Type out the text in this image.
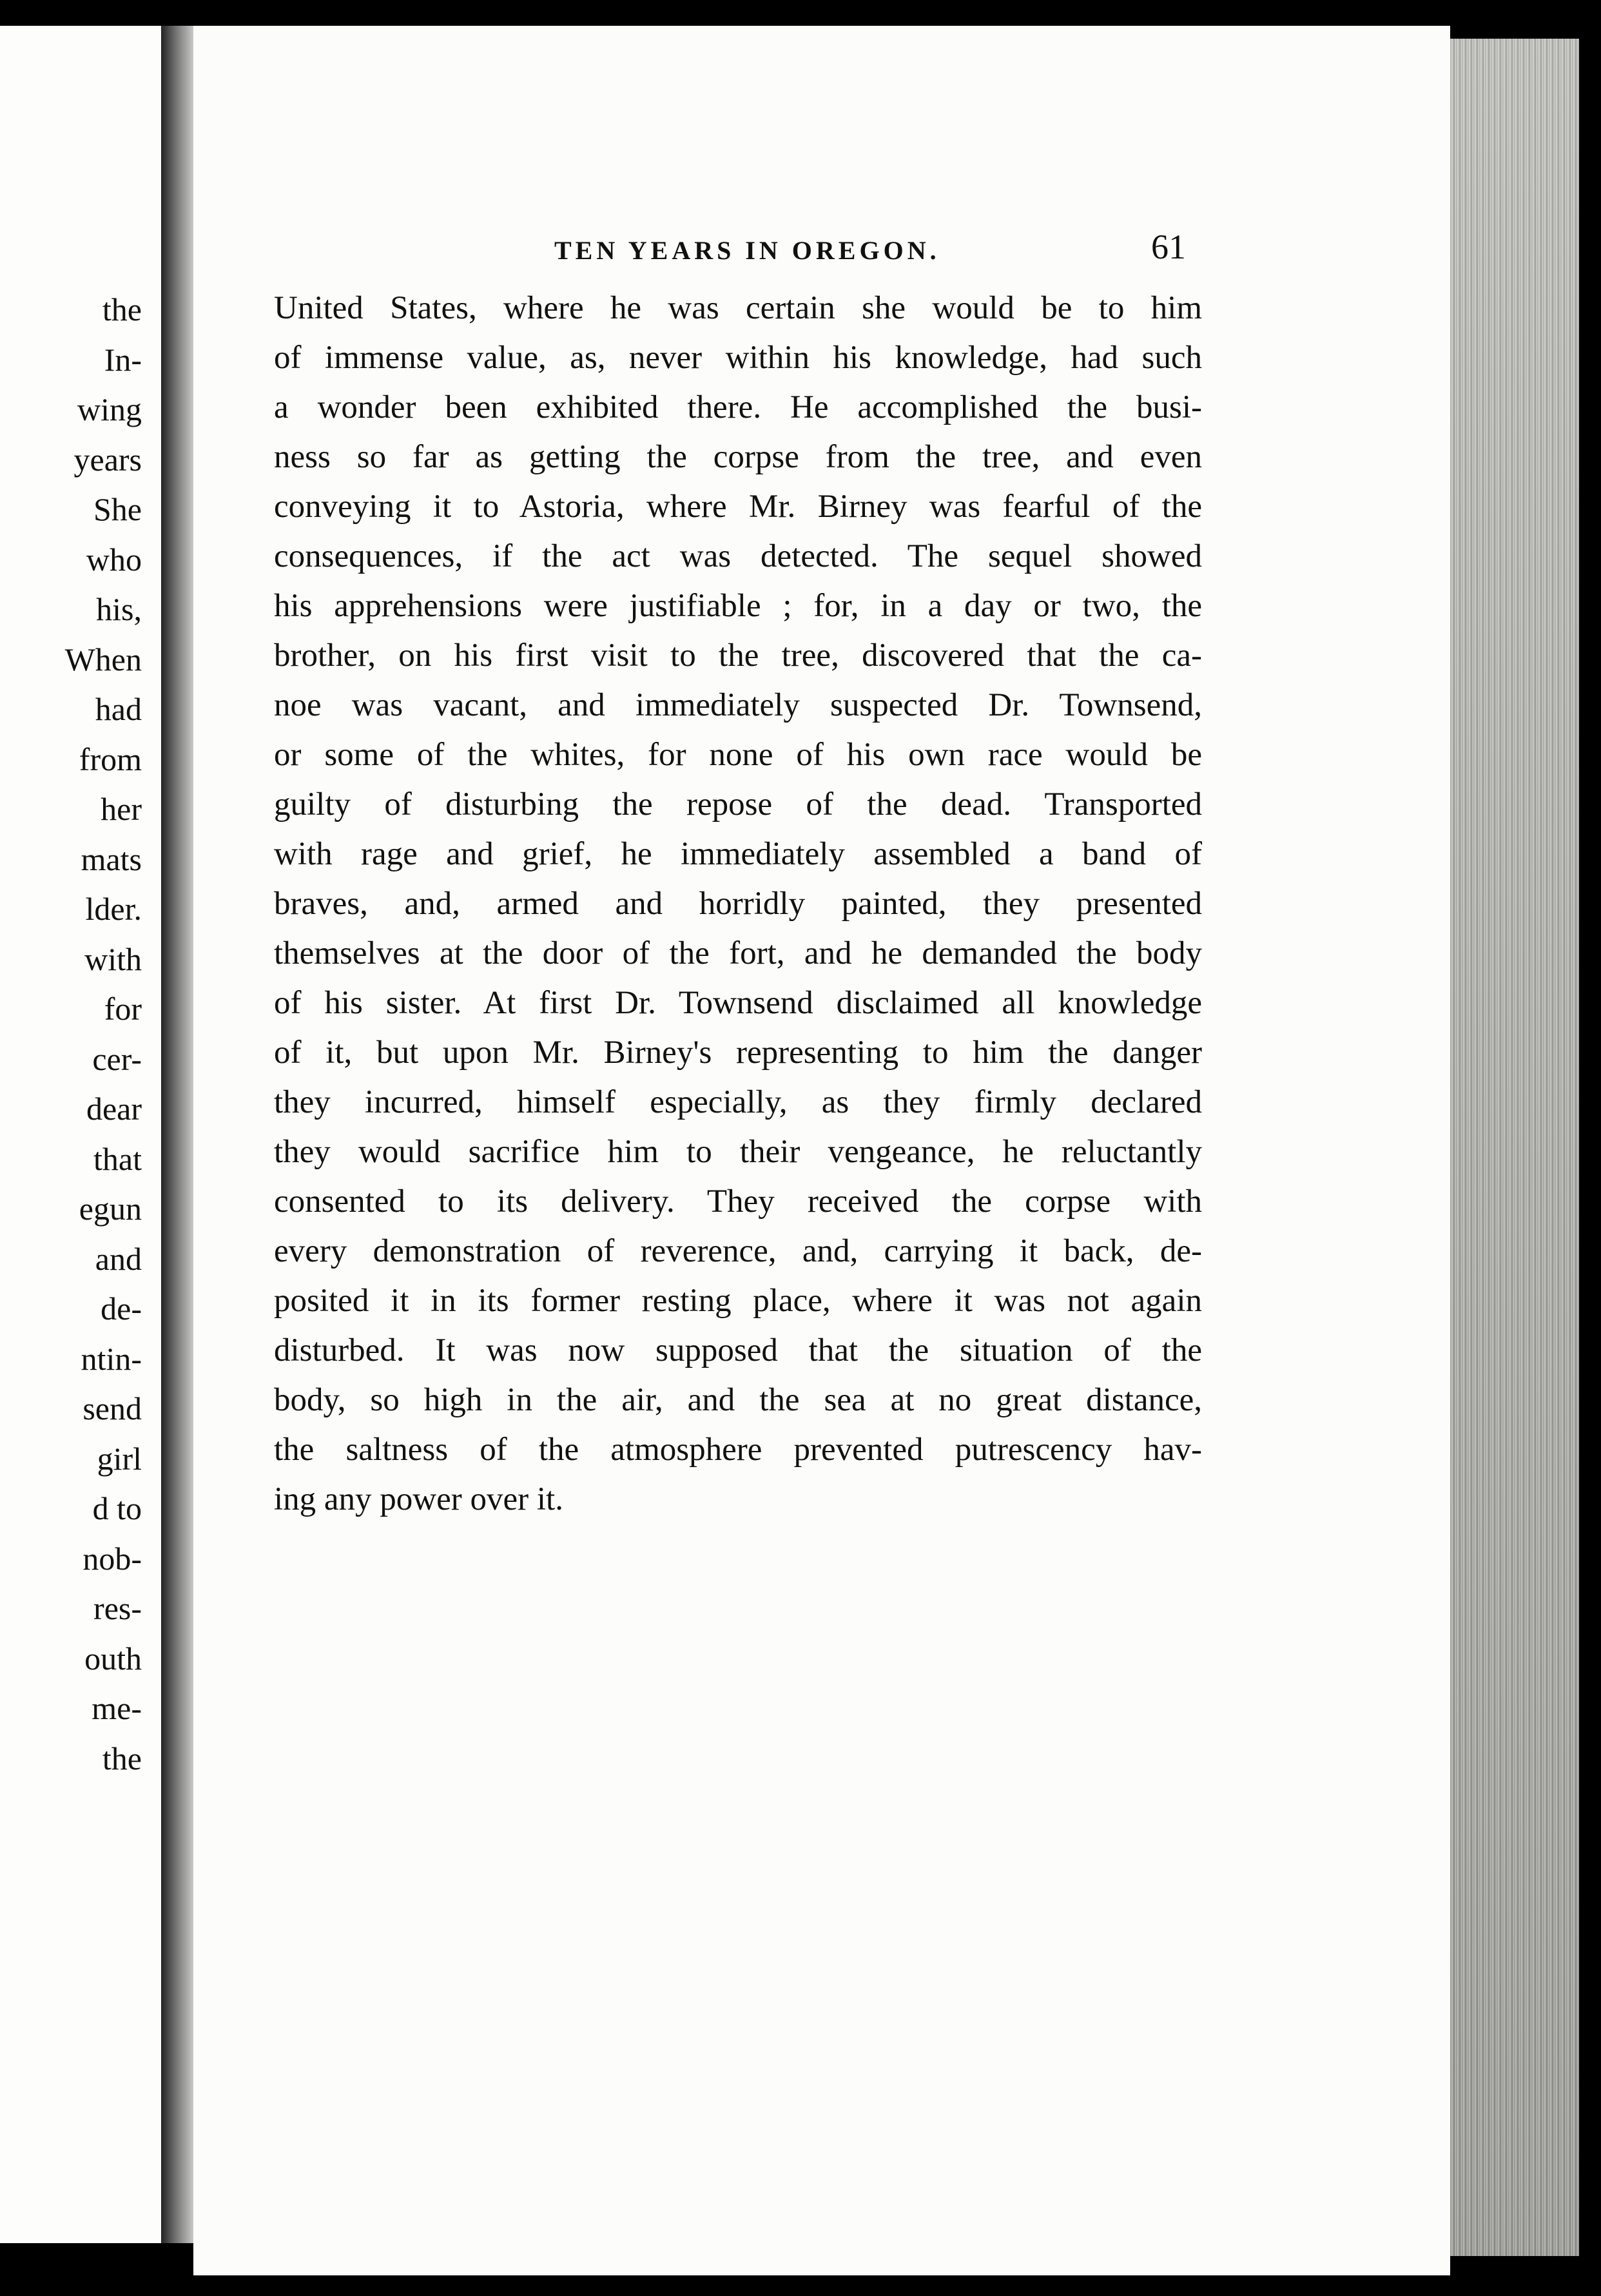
the
In-
wing
years
She
who
his,
When
had
from
her
mats
lder.
with
for
cer-
dear
that
egun
and
de-
ntin-
send
girl
d to
nob-
res-
outh
me-
the
TEN YEARS IN OREGON.	61
United States, where he was certain she would be to him
of immense value, as, never within his knowledge, had such
a wonder been exhibited there. He accomplished the busi-
ness so far as getting the corpse from the tree, and even
conveying it to Astoria, where Mr. Birney was fearful of the
consequences, if the act was detected. The sequel showed
his apprehensions were justifiable ; for, in a day or two, the
brother, on his first visit to the tree, discovered that the ca-
noe was vacant, and immediately suspected Dr. Townsend,
or some of the whites, for none of his own race would be
guilty of disturbing the repose of the dead. Transported
with rage and grief, he immediately assembled a band of
braves, and, armed and horridly painted, they presented
themselves at the door of the fort, and he demanded the body
of his sister. At first Dr. Townsend disclaimed all knowledge
of it, but upon Mr. Birney's representing to him the danger
they incurred, himself especially, as they firmly declared
they would sacrifice him to their vengeance, he reluctantly
consented to its delivery. They received the corpse with
every demonstration of reverence, and, carrying it back, de-
posited it in its former resting place, where it was not again
disturbed. It was now supposed that the situation of the
body, so high in the air, and the sea at no great distance,
the saltness of the atmosphere prevented putrescency hav-
ing any power over it.
